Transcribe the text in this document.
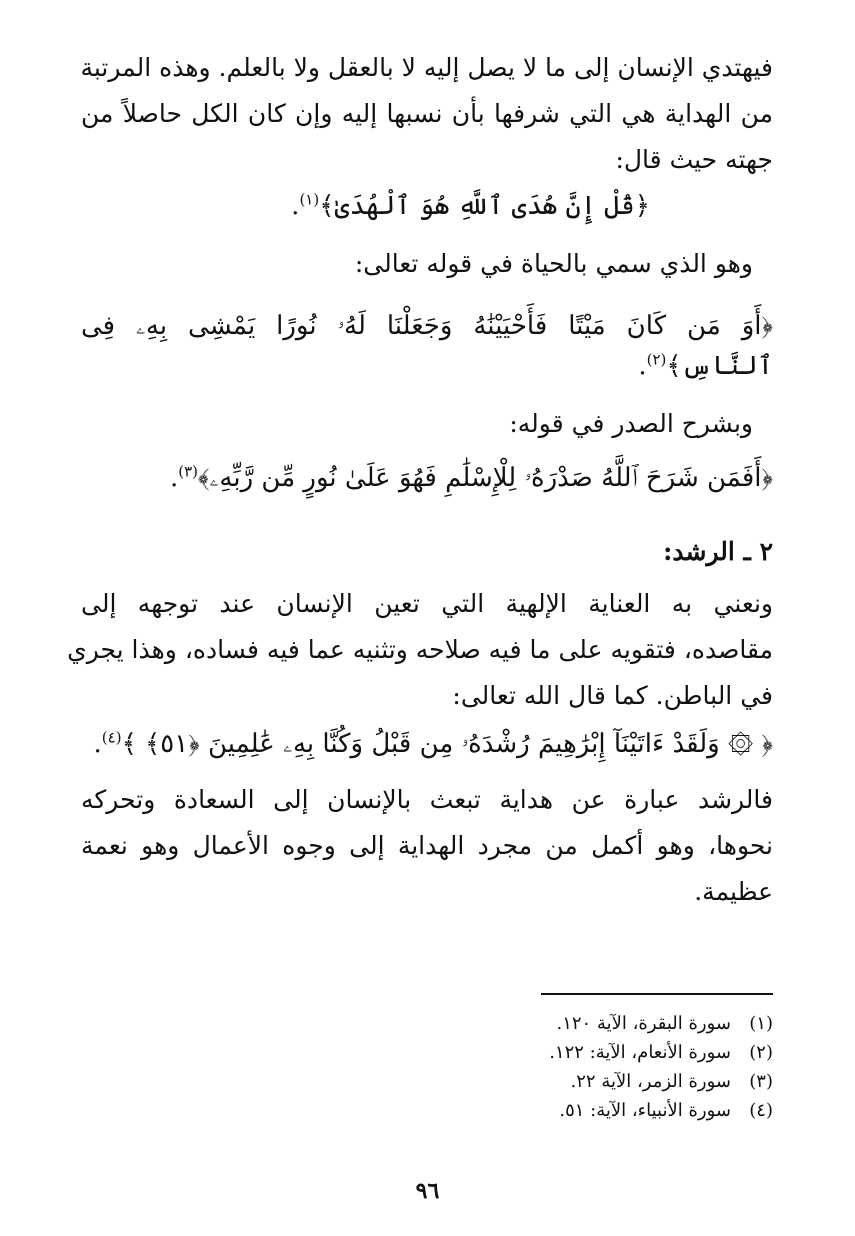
فيهتدي الإنسان إلى ما لا يصل إليه لا بالعقل ولا بالعلم. وهذه المرتبة
من الهداية هي التي شرفها بأن نسبها إليه وإن كان الكل حاصلاً من
جهته حيث قال:
﴿قُلْ إِنَّ هُدَى ٱللَّهِ هُوَ ٱلْهُدَىٰ﴾$^{(١)}$.
وهو الذي سمي بالحياة في قوله تعالى:
﴿أَوَ مَن كَانَ مَيْتًا فَأَحْيَيْنَٰهُ وَجَعَلْنَا لَهُۥ نُورًا يَمْشِى بِهِۦ فِى
ٱلنَّاسِ﴾$^{(٢)}$.
وبشرح الصدر في قوله:
﴿أَفَمَن شَرَحَ ٱللَّهُ صَدْرَهُۥ لِلْإِسْلَٰمِ فَهُوَ عَلَىٰ نُورٍ مِّن رَّبِّهِۦ﴾$^{(٣)}$.
٢ ـ الرشد:
ونعني به العناية الإلهية التي تعين الإنسان عند توجهه إلى
مقاصده، فتقويه على ما فيه صلاحه وتثنيه عما فيه فساده، وهذا يجري
في الباطن. كما قال الله تعالى:
﴿ ۞ وَلَقَدْ ءَاتَيْنَآ إِبْرَٰهِيمَ رُشْدَهُۥ مِن قَبْلُ وَكُنَّا بِهِۦ عَٰلِمِينَ ﴿٥١﴾ ﴾$^{(٤)}$.
فالرشد عبارة عن هداية تبعث بالإنسان إلى السعادة وتحركه
نحوها، وهو أكمل من مجرد الهداية إلى وجوه الأعمال وهو نعمة
عظيمة.
(١)سورة البقرة، الآية ١٢٠.
(٢)سورة الأنعام، الآية: ١٢٢.
(٣)سورة الزمر، الآية ٢٢.
(٤)سورة الأنبياء، الآية: ٥١.
٩٦
